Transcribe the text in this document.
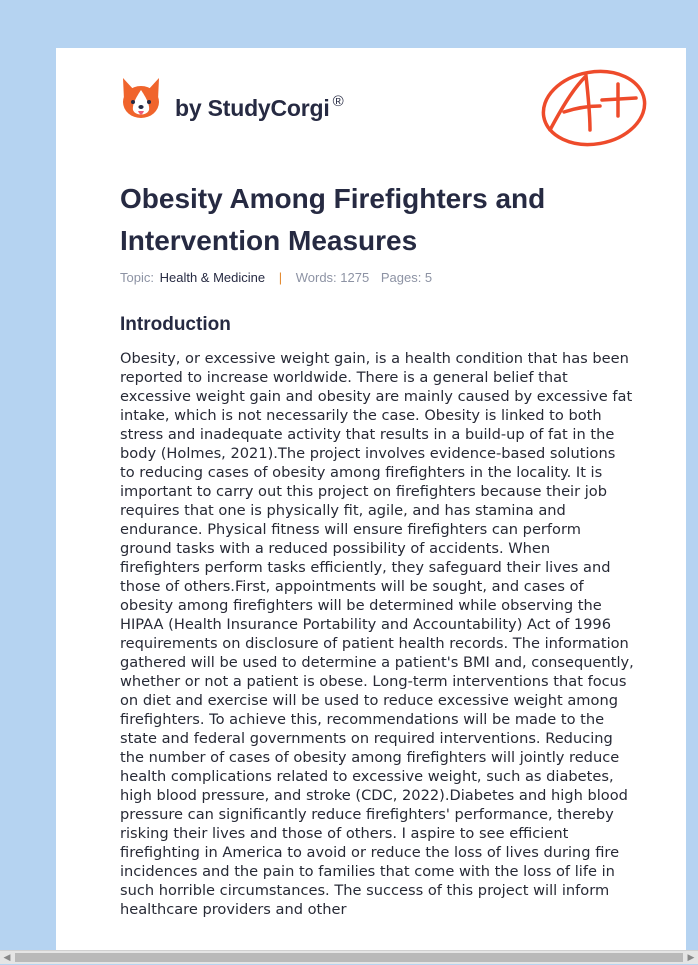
by StudyCorgi ®
Obesity Among Firefighters and Intervention Measures
Topic: Health & Medicine | Words: 1275 Pages: 5
Introduction

Obesity, or excessive weight gain, is a health condition that has been reported to increase worldwide. There is a general belief that excessive weight gain and obesity are mainly caused by excessive fat intake, which is not necessarily the case. Obesity is linked to both stress and inadequate activity that results in a build-up of fat in the body (Holmes, 2021).The project involves evidence-based solutions to reducing cases of obesity among firefighters in the locality. It is important to carry out this project on firefighters because their job requires that one is physically fit, agile, and has stamina and endurance. Physical fitness will ensure firefighters can perform ground tasks with a reduced possibility of accidents. When firefighters perform tasks efficiently, they safeguard their lives and those of others.First, appointments will be sought, and cases of obesity among firefighters will be determined while observing the HIPAA (Health Insurance Portability and Accountability) Act of 1996 requirements on disclosure of patient health records. The information gathered will be used to determine a patient's BMI and, consequently, whether or not a patient is obese. Long-term interventions that focus on diet and exercise will be used to reduce excessive weight among firefighters. To achieve this, recommendations will be made to the state and federal governments on required interventions. Reducing the number of cases of obesity among firefighters will jointly reduce health complications related to excessive weight, such as diabetes, high blood pressure, and stroke (CDC, 2022).Diabetes and high blood pressure can significantly reduce firefighters' performance, thereby risking their lives and those of others. I aspire to see efficient firefighting in America to avoid or reduce the loss of lives during fire incidences and the pain to families that come with the loss of life in such horrible circumstances. The success of this project will inform healthcare providers and other

◀	▶
